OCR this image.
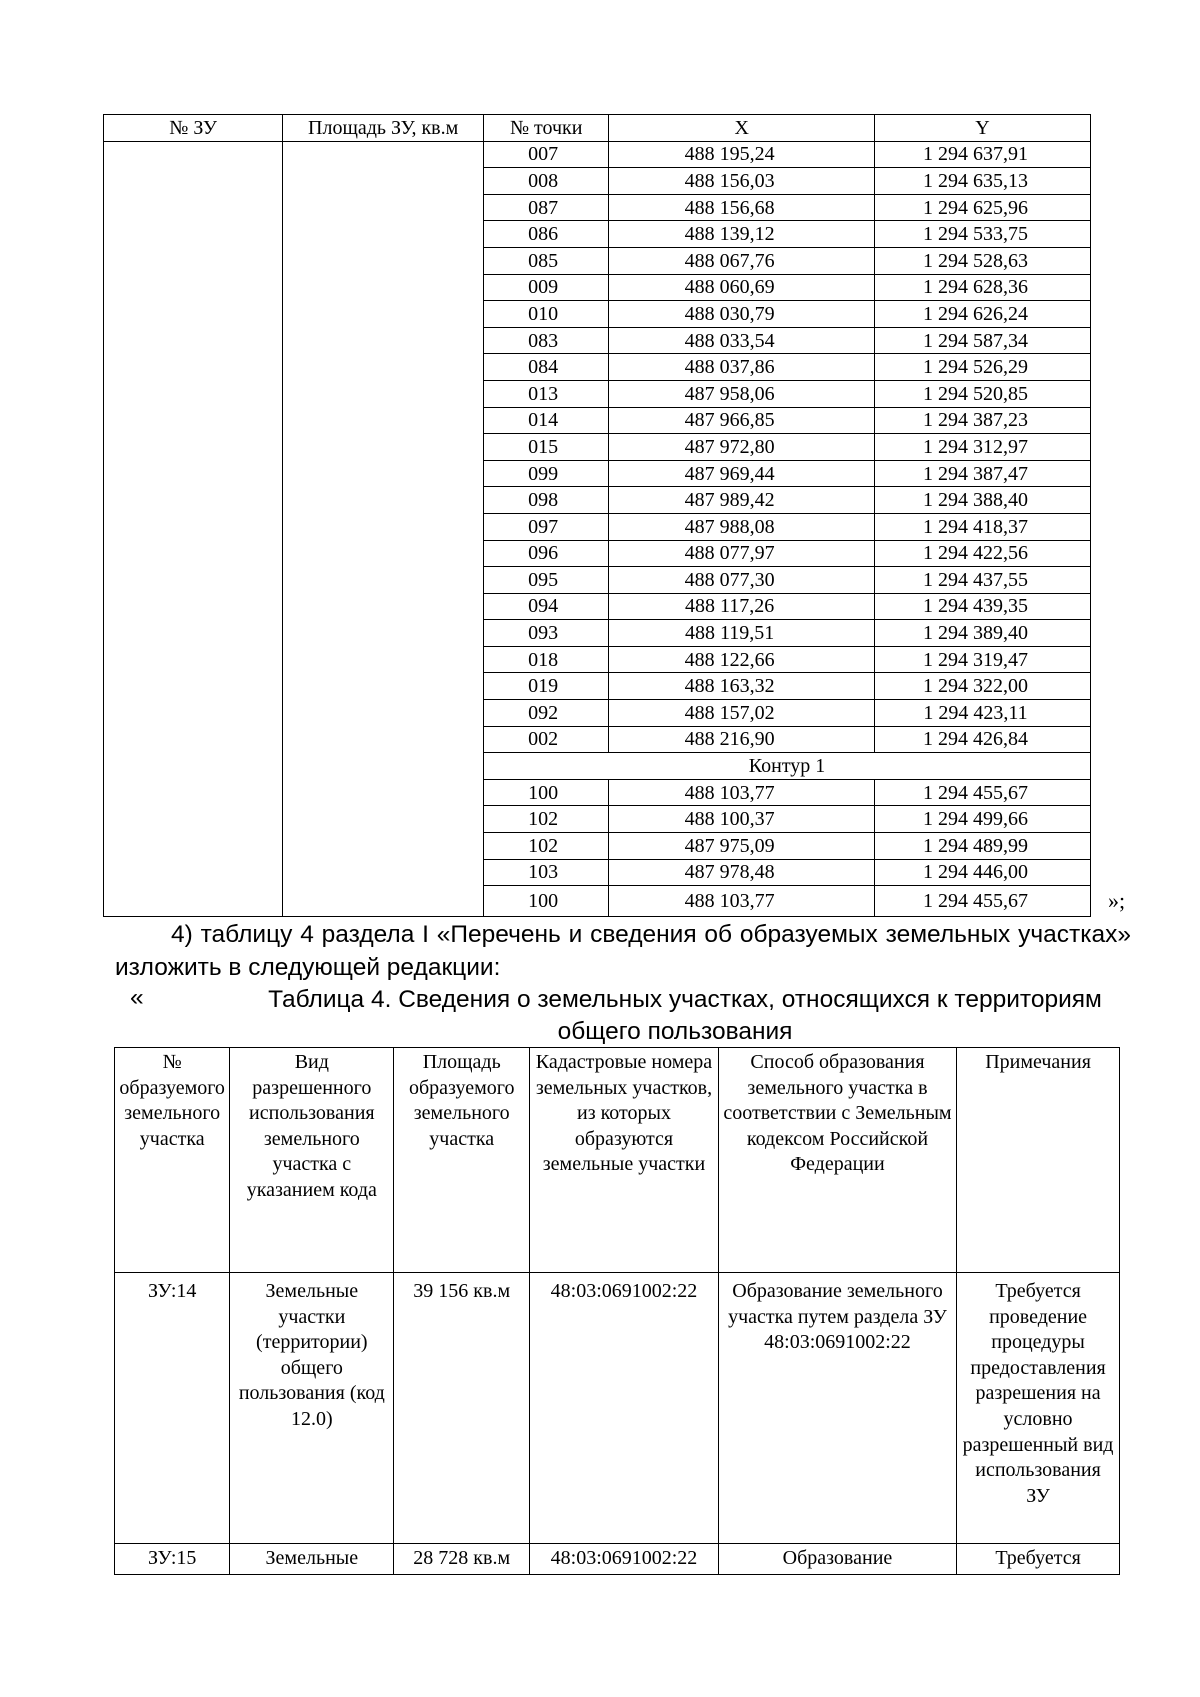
№ ЗУ	Площадь ЗУ, кв.м	№ точки	X	Y
		007	488 195,24	1 294 637,91
		008	488 156,03	1 294 635,13
		087	488 156,68	1 294 625,96
		086	488 139,12	1 294 533,75
		085	488 067,76	1 294 528,63
		009	488 060,69	1 294 628,36
		010	488 030,79	1 294 626,24
		083	488 033,54	1 294 587,34
		084	488 037,86	1 294 526,29
		013	487 958,06	1 294 520,85
		014	487 966,85	1 294 387,23
		015	487 972,80	1 294 312,97
		099	487 969,44	1 294 387,47
		098	487 989,42	1 294 388,40
		097	487 988,08	1 294 418,37
		096	488 077,97	1 294 422,56
		095	488 077,30	1 294 437,55
		094	488 117,26	1 294 439,35
		093	488 119,51	1 294 389,40
		018	488 122,66	1 294 319,47
		019	488 163,32	1 294 322,00
		092	488 157,02	1 294 423,11
		002	488 216,90	1 294 426,84
		Контур 1		
		100	488 103,77	1 294 455,67
		102	488 100,37	1 294 499,66
		102	487 975,09	1 294 489,99
		103	487 978,48	1 294 446,00
		100	488 103,77	1 294 455,67	»;

4) таблицу 4 раздела I «Перечень и сведения об образуемых земельных участках» изложить в следующей редакции:

«	Таблица 4. Сведения о земельных участках, относящихся к территориям общего пользования

№ образуемого земельного участка	Вид разрешенного использования земельного участка с указанием кода	Площадь образуемого земельного участка	Кадастровые номера земельных участков, из которых образуются земельные участки	Способ образования земельного участка в соответствии с Земельным кодексом Российской Федерации	Примечания
ЗУ:14	Земельные участки (территории) общего пользования (код 12.0)	39 156 кв.м	48:03:0691002:22	Образование земельного участка путем раздела ЗУ 48:03:0691002:22	Требуется проведение процедуры предоставления разрешения на условно разрешенный вид использования ЗУ
ЗУ:15	Земельные	28 728 кв.м	48:03:0691002:22	Образование	Требуется
